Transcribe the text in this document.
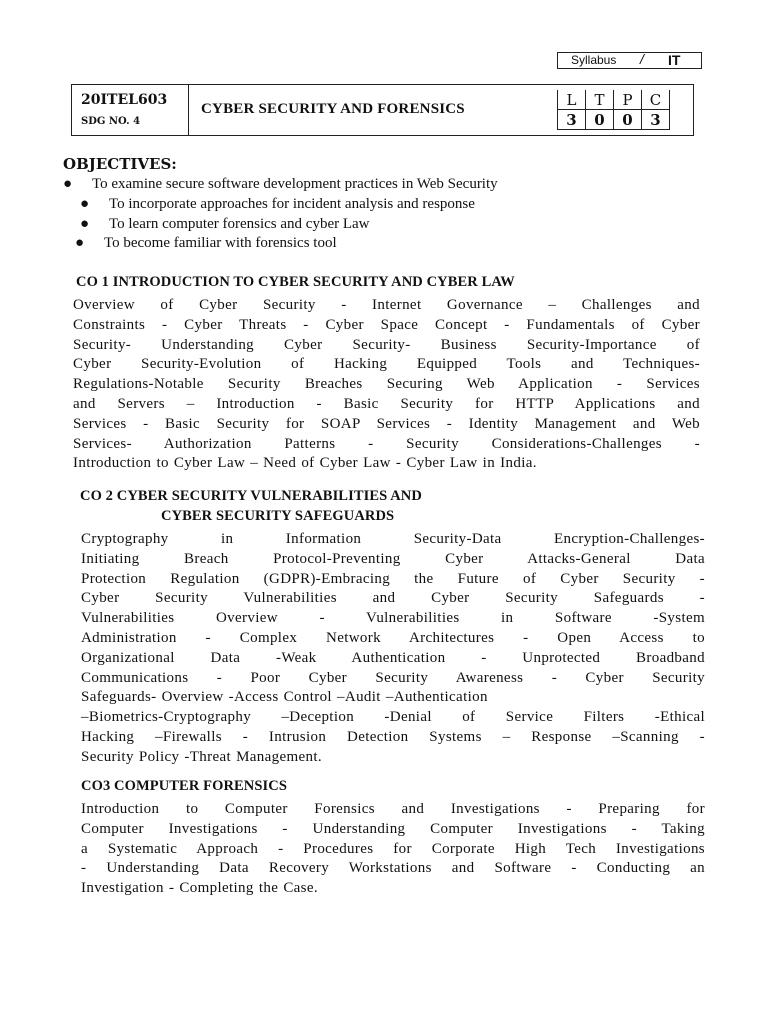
Syllabus / IT
20ITEL603
SDG NO. 4
CYBER SECURITY AND FORENSICS
L	T	P	C
3	0	0	3
OBJECTIVES:
● To examine secure software development practices in Web Security
● To incorporate approaches for incident analysis and response
● To learn computer forensics and cyber Law
● To become familiar with forensics tool
CO 1 INTRODUCTION TO CYBER SECURITY AND CYBER LAW
Overview of Cyber Security - Internet Governance – Challenges and
Constraints - Cyber Threats - Cyber Space Concept - Fundamentals of Cyber
Security- Understanding Cyber Security- Business Security-Importance of
Cyber Security-Evolution of Hacking Equipped Tools and Techniques-
Regulations-Notable Security Breaches Securing Web Application - Services
and Servers – Introduction - Basic Security for HTTP Applications and
Services - Basic Security for SOAP Services - Identity Management and Web
Services- Authorization Patterns - Security Considerations-Challenges -
Introduction to Cyber Law – Need of Cyber Law - Cyber Law in India.
CO 2 CYBER SECURITY VULNERABILITIES AND
CYBER SECURITY SAFEGUARDS
Cryptography in Information Security-Data Encryption-Challenges-
Initiating Breach Protocol-Preventing Cyber Attacks-General Data
Protection Regulation (GDPR)-Embracing the Future of Cyber Security -
Cyber Security Vulnerabilities and Cyber Security Safeguards -
Vulnerabilities Overview - Vulnerabilities in Software -System
Administration - Complex Network Architectures - Open Access to
Organizational Data -Weak Authentication - Unprotected Broadband
Communications - Poor Cyber Security Awareness - Cyber Security
Safeguards- Overview -Access Control –Audit –Authentication
–Biometrics-Cryptography –Deception -Denial of Service Filters -Ethical
Hacking –Firewalls - Intrusion Detection Systems – Response –Scanning -
Security Policy -Threat Management.
CO3 COMPUTER FORENSICS
Introduction to Computer Forensics and Investigations - Preparing for
Computer Investigations - Understanding Computer Investigations - Taking
a Systematic Approach - Procedures for Corporate High Tech Investigations
- Understanding Data Recovery Workstations and Software - Conducting an
Investigation - Completing the Case.
